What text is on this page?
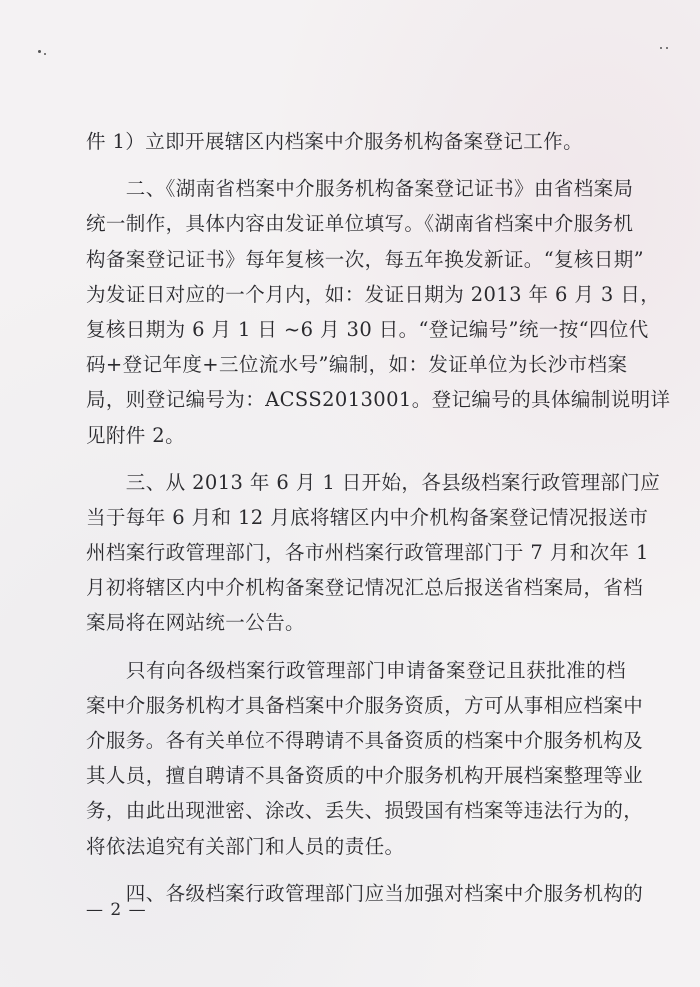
件 1）立即开展辖区内档案中介服务机构备案登记工作。
　　二、《湖南省档案中介服务机构备案登记证书》由省档案局
统一制作，具体内容由发证单位填写。《湖南省档案中介服务机
构备案登记证书》每年复核一次，每五年换发新证。“复核日期”
为发证日对应的一个月内，如：发证日期为 2013 年 6 月 3 日，
复核日期为 6 月 1 日 ~6 月 30 日。“登记编号”统一按“四位代
码+登记年度+三位流水号”编制，如：发证单位为长沙市档案
局，则登记编号为：ACSS2013001。登记编号的具体编制说明详
见附件 2。
　　三、从 2013 年 6 月 1 日开始，各县级档案行政管理部门应
当于每年 6 月和 12 月底将辖区内中介机构备案登记情况报送市
州档案行政管理部门，各市州档案行政管理部门于 7 月和次年 1
月初将辖区内中介机构备案登记情况汇总后报送省档案局，省档
案局将在网站统一公告。
　　只有向各级档案行政管理部门申请备案登记且获批准的档
案中介服务机构才具备档案中介服务资质，方可从事相应档案中
介服务。各有关单位不得聘请不具备资质的档案中介服务机构及
其人员，擅自聘请不具备资质的中介服务机构开展档案整理等业
务，由此出现泄密、涂改、丢失、损毁国有档案等违法行为的，
将依法追究有关部门和人员的责任。
　　四、各级档案行政管理部门应当加强对档案中介服务机构的
— 2 —
